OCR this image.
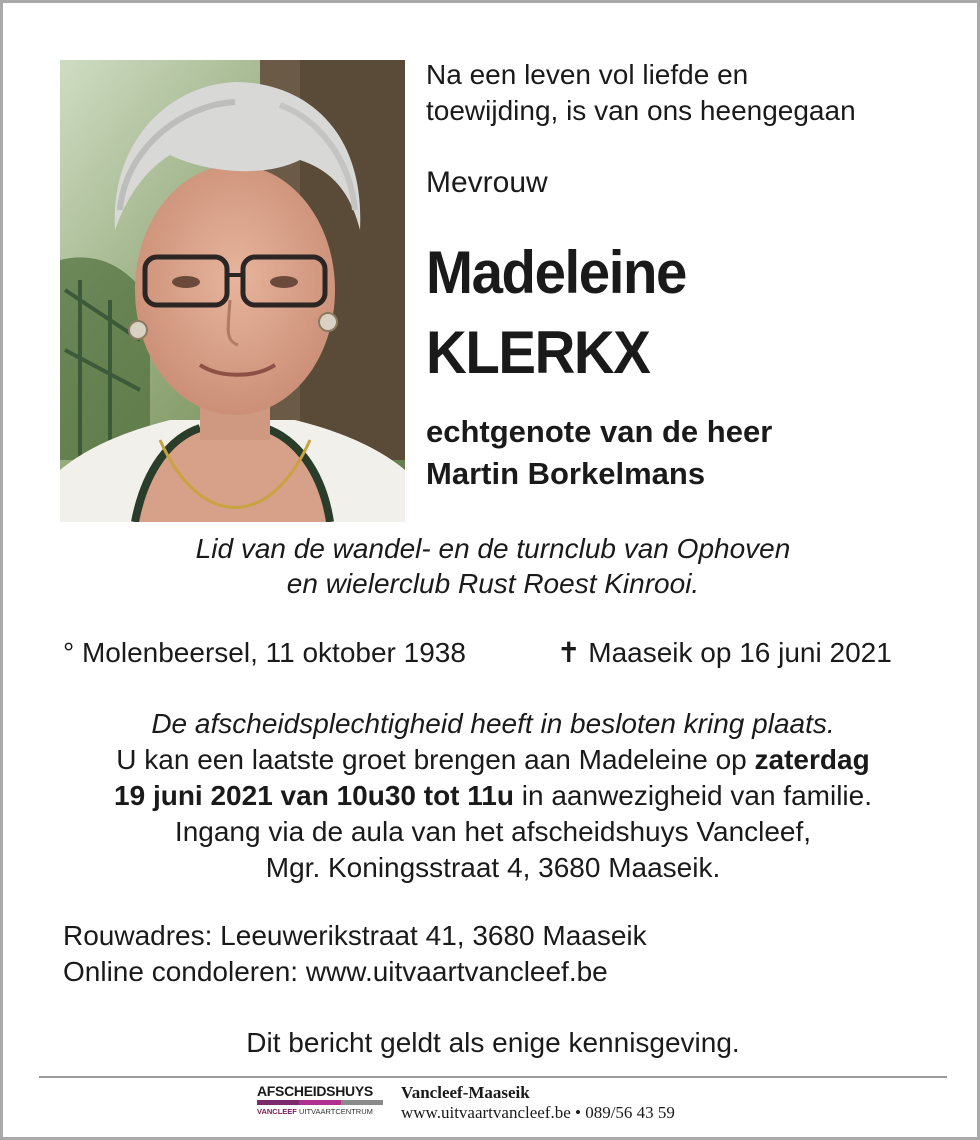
Na een leven vol liefde en
toewijding, is van ons heengegaan
Mevrouw
Madeleine
KLERKX
echtgenote van de heer
Martin Borkelmans
Lid van de wandel- en de turnclub van Ophoven
en wielerclub Rust Roest Kinrooi.
° Molenbeersel, 11 oktober 1938	✝ Maaseik op 16 juni 2021
De afscheidsplechtigheid heeft in besloten kring plaats.
U kan een laatste groet brengen aan Madeleine op zaterdag
19 juni 2021 van 10u30 tot 11u in aanwezigheid van familie.
Ingang via de aula van het afscheidshuys Vancleef,
Mgr. Koningsstraat 4, 3680 Maaseik.
Rouwadres: Leeuwerikstraat 41, 3680 Maaseik
Online condoleren: www.uitvaartvancleef.be
Dit bericht geldt als enige kennisgeving.
AFSCHEIDSHUYS
VANCLEEF UITVAARTCENTRUM
Vancleef-Maaseik
www.uitvaartvancleef.be • 089/56 43 59
